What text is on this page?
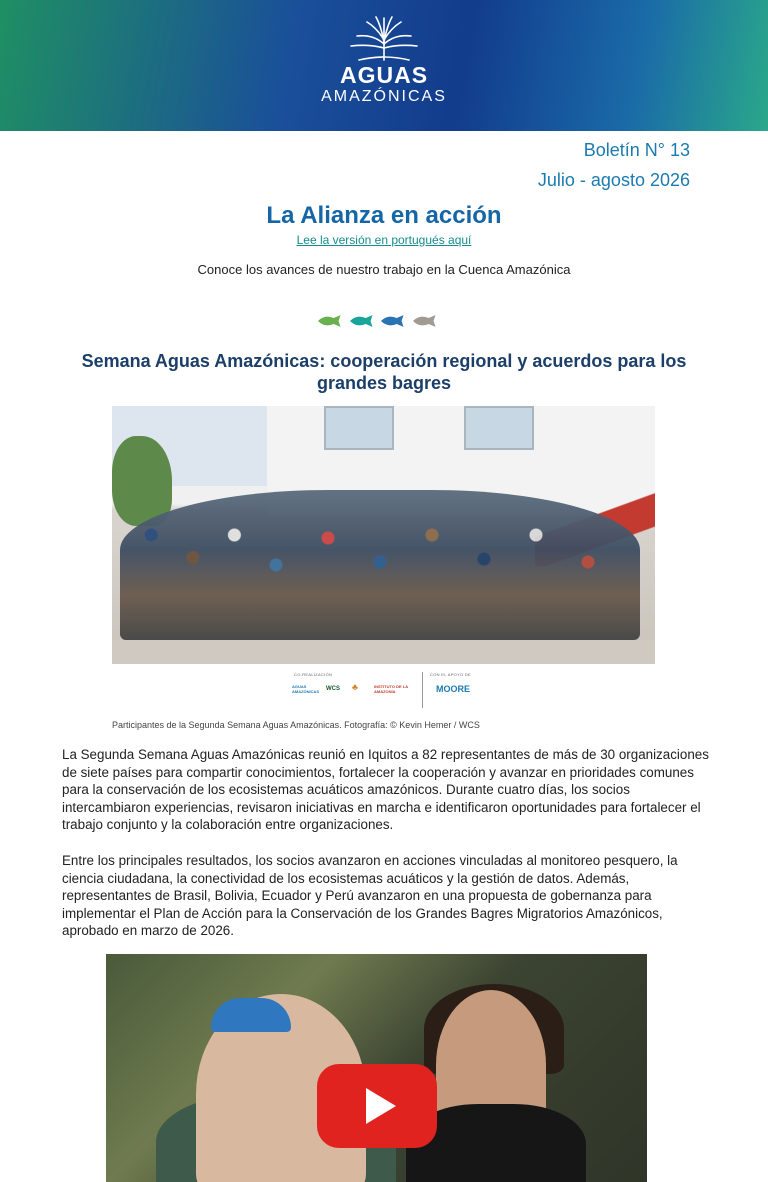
AGUAS
AMAZÓNICAS
Boletín N° 13
Julio - agosto 2026
La Alianza en acción
Lee la versión en portugués aquí
Conoce los avances de nuestro trabajo en la Cuenca Amazónica
Semana Aguas Amazónicas: cooperación regional y acuerdos para los grandes bagres
CO-REALIZACIÓN	CON EL APOYO DE
AGUAS AMAZÓNICAS	WCS ♣	INSTITUTO DE LA AMAZONÍA	MOORE
Participantes de la Segunda Semana Aguas Amazónicas. Fotografía: © Kevin Hemer / WCS
La Segunda Semana Aguas Amazónicas reunió en Iquitos a 82 representantes de más de 30 organizaciones de siete países para compartir conocimientos, fortalecer la cooperación y avanzar en prioridades comunes para la conservación de los ecosistemas acuáticos amazónicos. Durante cuatro días, los socios intercambiaron experiencias, revisaron iniciativas en marcha e identificaron oportunidades para fortalecer el trabajo conjunto y la colaboración entre organizaciones.
Entre los principales resultados, los socios avanzaron en acciones vinculadas al monitoreo pesquero, la ciencia ciudadana, la conectividad de los ecosistemas acuáticos y la gestión de datos. Además, representantes de Brasil, Bolivia, Ecuador y Perú avanzaron en una propuesta de gobernanza para implementar el Plan de Acción para la Conservación de los Grandes Bagres Migratorios Amazónicos, aprobado en marzo de 2026.
